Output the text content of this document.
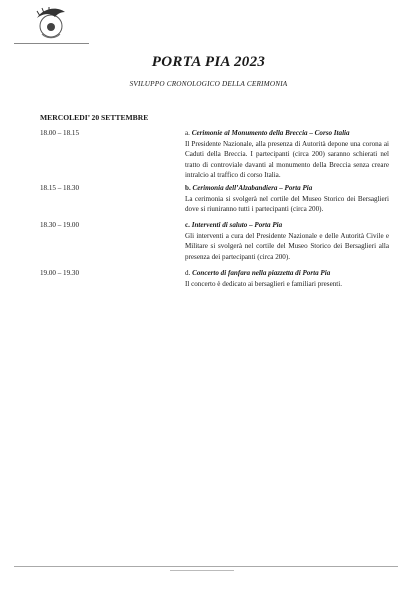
PORTA PIA 2023
SVILUPPO CRONOLOGICO DELLA CERIMONIA
MERCOLEDI’ 20 SETTEMBRE
18.00 – 18.15	a. Cerimonie al Monumento della Breccia – Corso Italia
Il Presidente Nazionale, alla presenza di Autorità depone una corona ai Caduti della Breccia. I partecipanti (circa 200) saranno schierati nel tratto di controviale davanti al monumento della Breccia senza creare intralcio al traffico di corso Italia.
18.15 – 18.30	b. Cerimonia dell’Alzabandiera – Porta Pia
La cerimonia si svolgerà nel cortile del Museo Storico dei Bersaglieri dove si riuniranno tutti i partecipanti (circa 200).
18.30 – 19.00	c. Interventi di saluto – Porta Pia
Gli interventi a cura del Presidente Nazionale e delle Autorità Civile e Militare si svolgerà nel cortile del Museo Storico dei Bersaglieri alla presenza dei partecipanti (circa 200).
19.00 – 19.30	d. Concerto di fanfara nella piazzetta di Porta Pia
Il concerto è dedicato ai bersaglieri e familiari presenti.
